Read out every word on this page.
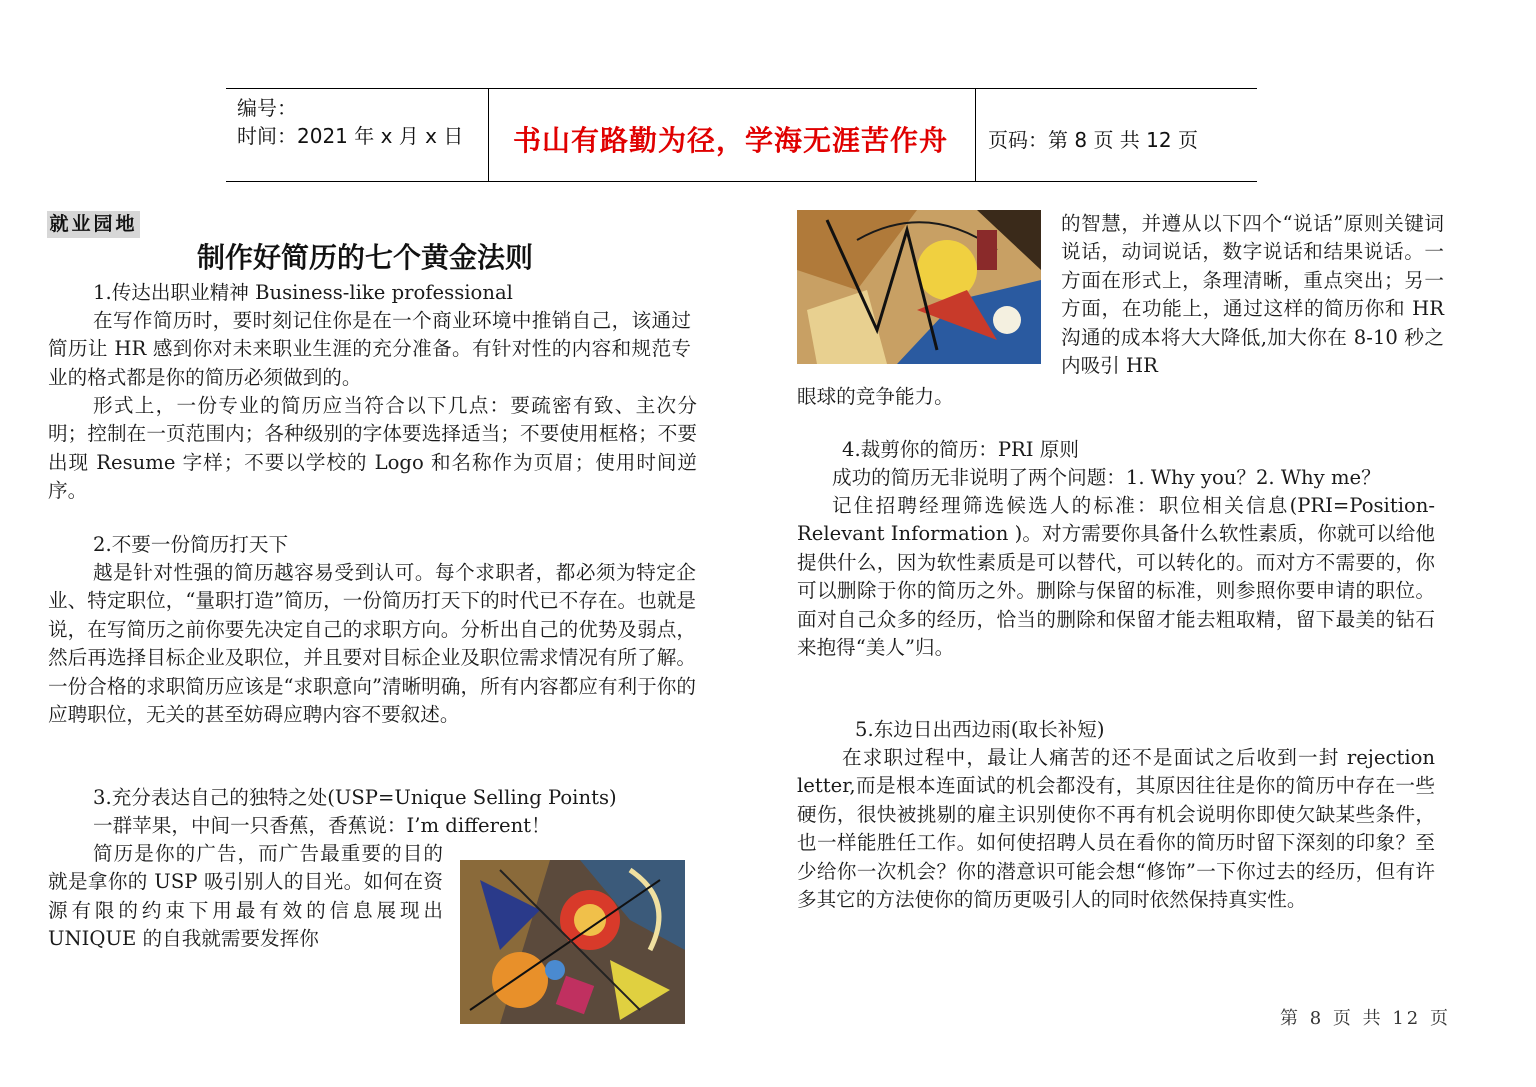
编号：
时间：2021 年 x 月 x 日 书山有路勤为径，学海无涯苦作舟 页码：第 8 页 共 12 页
就业园地
制作好简历的七个黄金法则
1.传达出职业精神 Business-like professional
在写作简历时，要时刻记住你是在一个商业环境中推销自己，该通过简历让 HR 感到你对未来职业生涯的充分准备。有针对性的内容和规范专业的格式都是你的简历必须做到的。
形式上，一份专业的简历应当符合以下几点：要疏密有致、主次分明；控制在一页范围内；各种级别的字体要选择适当；不要使用框格；不要出现 Resume 字样；不要以学校的 Logo 和名称作为页眉；使用时间逆序。
2.不要一份简历打天下
越是针对性强的简历越容易受到认可。每个求职者，都必须为特定企业、特定职位，“量职打造”简历，一份简历打天下的时代已不存在。也就是说，在写简历之前你要先决定自己的求职方向。分析出自己的优势及弱点，然后再选择目标企业及职位，并且要对目标企业及职位需求情况有所了解。一份合格的求职简历应该是“求职意向”清晰明确，所有内容都应有利于你的应聘职位，无关的甚至妨碍应聘内容不要叙述。
3.充分表达自己的独特之处(USP=Unique Selling Points)
一群苹果，中间一只香蕉，香蕉说：I’m different！
简历是你的广告，而广告最重要的目的就是拿你的 USP 吸引别人的目光。如何在资源有限的约束下用最有效的信息展现出 UNIQUE 的自我就需要发挥你
的智慧，并遵从以下四个“说话”原则关键词说话，动词说话，数字说话和结果说话。一方面在形式上，条理清晰，重点突出；另一方面，在功能上，通过这样的简历你和 HR 沟通的成本将大大降低,加大你在 8-10 秒之内吸引 HR
眼球的竞争能力。
4.裁剪你的简历：PRI 原则
成功的简历无非说明了两个问题：1. Why you？2. Why me？
记住招聘经理筛选候选人的标准：职位相关信息(PRI=Position-Relevant Information )。对方需要你具备什么软性素质，你就可以给他提供什么，因为软性素质是可以替代，可以转化的。而对方不需要的，你可以删除于你的简历之外。删除与保留的标准，则参照你要申请的职位。面对自己众多的经历，恰当的删除和保留才能去粗取精，留下最美的钻石来抱得“美人”归。
5.东边日出西边雨(取长补短)
在求职过程中，最让人痛苦的还不是面试之后收到一封 rejection letter,而是根本连面试的机会都没有，其原因往往是你的简历中存在一些硬伤，很快被挑剔的雇主识别使你不再有机会说明你即使欠缺某些条件，也一样能胜任工作。如何使招聘人员在看你的简历时留下深刻的印象？至少给你一次机会？你的潜意识可能会想“修饰”一下你过去的经历，但有许多其它的方法使你的简历更吸引人的同时依然保持真实性。
第 8 页 共 12 页
